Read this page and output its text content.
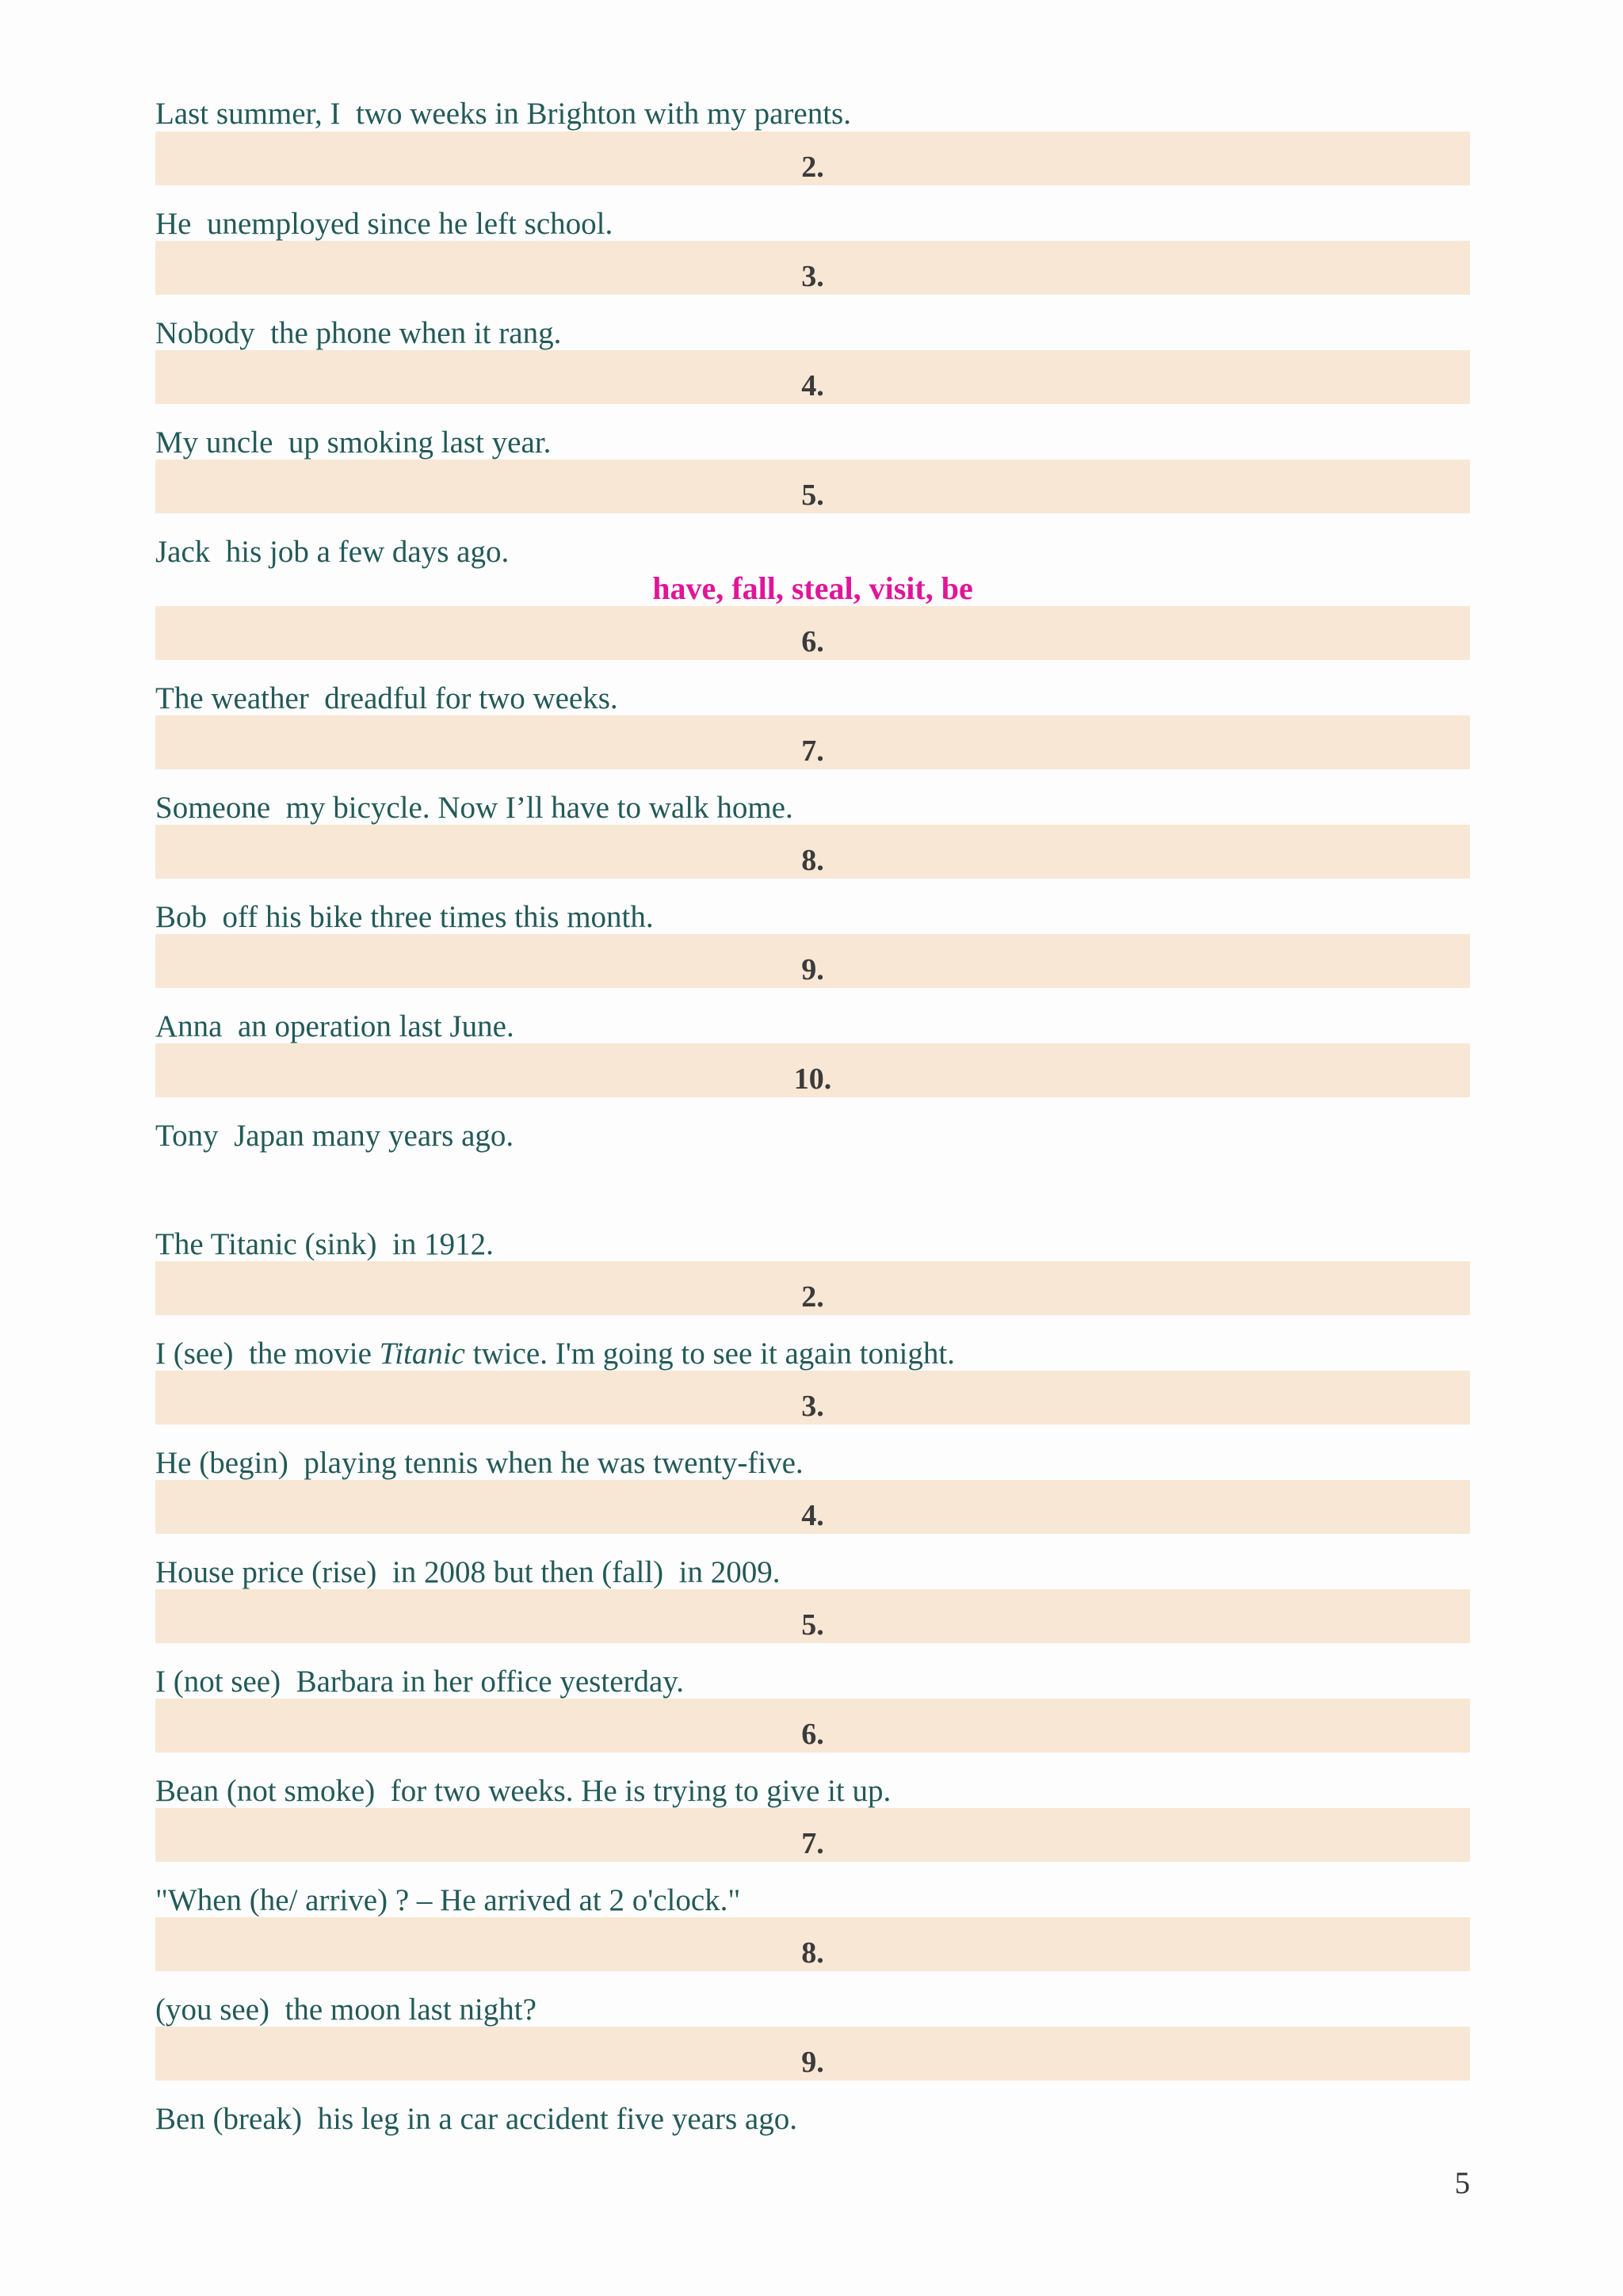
Last summer, I  two weeks in Brighton with my parents.
2.
He  unemployed since he left school.
3.
Nobody  the phone when it rang.
4.
My uncle  up smoking last year.
5.
Jack  his job a few days ago.
have, fall, steal, visit, be
6.
The weather  dreadful for two weeks.
7.
Someone  my bicycle. Now I’ll have to walk home.
8.
Bob  off his bike three times this month.
9.
Anna  an operation last June.
10.
Tony  Japan many years ago.
The Titanic (sink)  in 1912.
2.
I (see)  the movie Titanic twice. I'm going to see it again tonight.
3.
He (begin)  playing tennis when he was twenty-five.
4.
House price (rise)  in 2008 but then (fall)  in 2009.
5.
I (not see)  Barbara in her office yesterday.
6.
Bean (not smoke)  for two weeks. He is trying to give it up.
7.
"When (he/ arrive) ? – He arrived at 2 o'clock."
8.
(you see)  the moon last night?
9.
Ben (break)  his leg in a car accident five years ago.
5
